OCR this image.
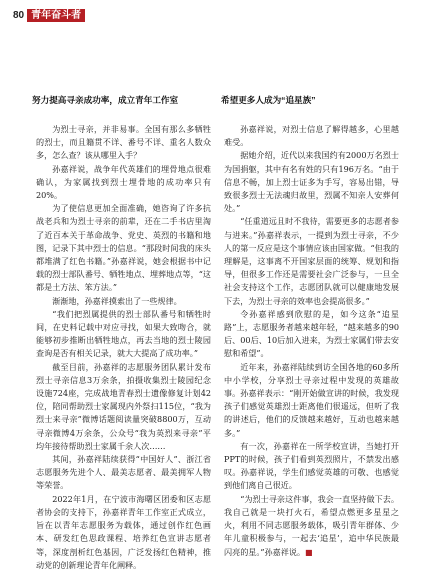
80 青年奋斗者
努力提高寻亲成功率，成立青年工作室

为烈士寻亲，并非易事。全国有那么多牺牲的烈士，而且籍贯不详、番号不详、重名人数众多，怎么查？该从哪里入手？

孙嘉祥说，战争年代英雄们的埋骨地点很难确认，为家属找到烈士埋骨地的成功率只有20%。

为了使信息更加全面准确，她咨询了许多抗战老兵和为烈士寻亲的前辈，还在二手书店里淘了近百本关于革命战争、党史、英烈的书籍和地图，记录下其中烈士的信息。“那段时间我的床头都堆满了红色书籍。”孙嘉祥说，她会根据书中记载的烈士部队番号、牺牲地点、埋葬地点等，“这都是土方法、笨方法。”

渐渐地，孙嘉祥摸索出了一些规律。

“我们把烈属提供的烈士部队番号和牺牲时间，在史料记载中对应寻找，如果大致吻合，就能够初步推断出牺牲地点，再去当地的烈士陵园查询是否有相关记录，就大大提高了成功率。”

截至目前，孙嘉祥的志愿服务团队累计发布烈士寻亲信息3万余条，拍摄收集烈士陵园纪念设施724座，完成战地青春烈士遗像修复计划42位，陪同帮助烈士家属现内外祭扫115位，“我为烈士来寻亲”微博话题阅读量突破8800万，互动寻亲微博4万余条，公众号“我为英烈来寻亲”平均年接待帮助烈士家属千余人次……

其间，孙嘉祥陆续获得“中国好人”、浙江省志愿服务先进个人、最美志愿者、最美拥军人物等荣誉。

2022年1月，在宁波市海曙区团委和区志愿者协会的支持下，孙嘉祥青年工作室正式成立，旨在以青年志愿服务为载体，通过创作红色画本、研发红色思政课程、培养红色宣讲志愿者等，深度剖析红色基因，广泛发扬红色精神，推动党的创新理论青年化阐释。

希望更多人成为“追星族”

孙嘉祥说，对烈士信息了解得越多，心里越难受。

据她介绍，近代以来我国约有2000万名烈士为国捐躯，其中有名有姓的只有196万名。“由于信息不畅，加上烈士证多为手写，容易出错，导致很多烈士无法魂归故里，烈属不知亲人安葬何处。”

“任重道远且时不我待，需要更多的志愿者参与进来。”孙嘉祥表示，一提到为烈士寻亲，不少人的第一反应是这个事情应该由国家做。“但我的理解是，这事离不开国家层面的统筹、规划和指导，但很多工作还是需要社会广泛参与，一旦全社会支持这个工作，志愿团队就可以健康地发展下去，为烈士寻亲的效率也会提高很多。”

令孙嘉祥感到欣慰的是，如今这条“追星路”上，志愿服务者越来越年轻，“越来越多的90后、00后、10后加入进来，为烈士家属们带去安慰和希望”。

近年来，孙嘉祥陆续到访全国各地的60多所中小学校，分享烈士寻亲过程中发现的英雄故事。孙嘉祥表示：“刚开始做宣讲的时候，我发现孩子们感觉英雄烈士距离他们很遥远，但听了我的讲述后，他们的反馈越来越好，互动也越来越多。”

有一次，孙嘉祥在一所学校宣讲，当她打开PPT的时候，孩子们看到英烈照片，不禁发出感叹。孙嘉祥说，学生们感觉英雄的可敬、也感觉到他们离自己很近。

“为烈士寻亲这件事，我会一直坚持做下去。我自己就是一块打火石，希望点燃更多星星之火，利用不同志愿服务载体，吸引青年群体、少年儿童积极参与，一起去‘追星’，追中华民族最闪亮的星。”孙嘉祥说。■
